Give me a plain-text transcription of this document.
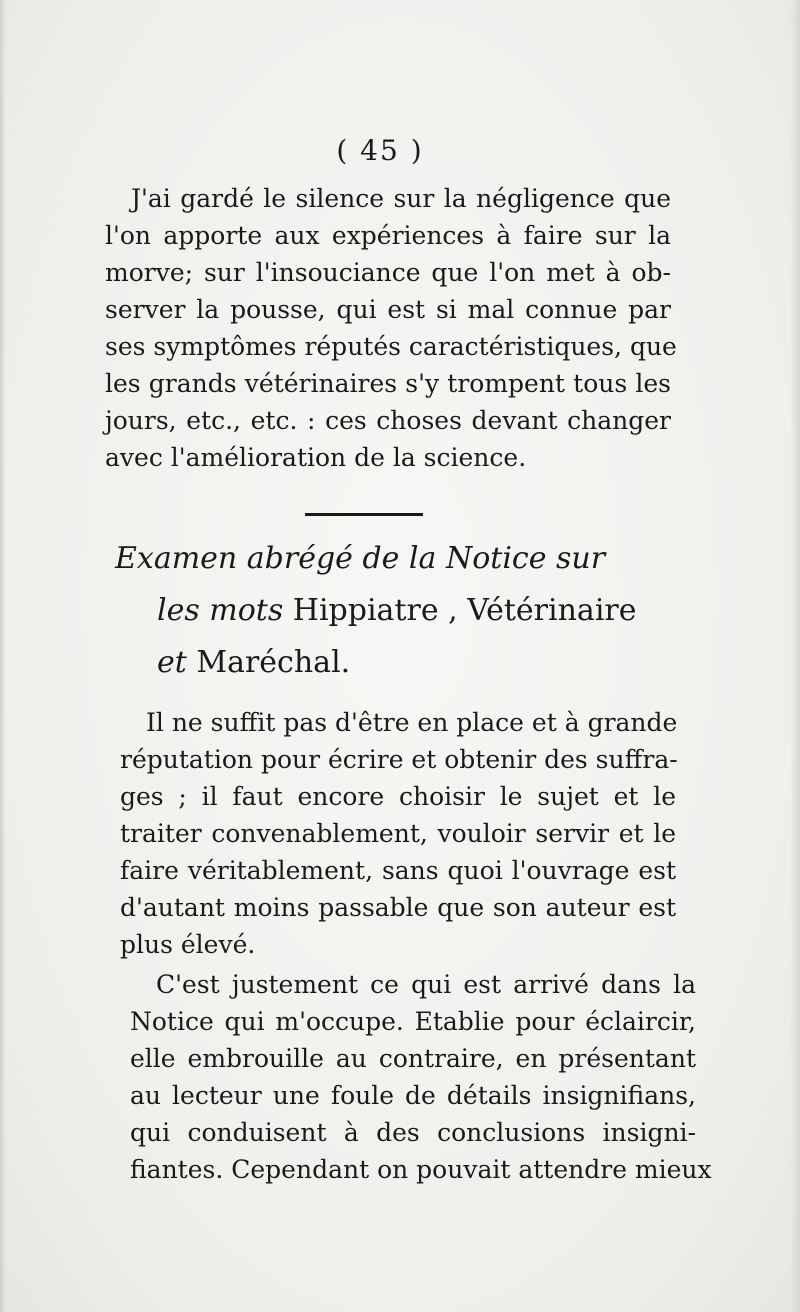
( 45 )
J'ai gardé le silence sur la négligence que
l'on apporte aux expériences à faire sur la
morve; sur l'insouciance que l'on met à ob-
server la pousse, qui est si mal connue par
ses symptômes réputés caractéristiques, que
les grands vétérinaires s'y trompent tous les
jours, etc., etc. : ces choses devant changer
avec l'amélioration de la science.
Examen abrégé de la Notice sur
les mots Hippiatre , Vétérinaire
et Maréchal.
Il ne suffit pas d'être en place et à grande
réputation pour écrire et obtenir des suffra-
ges ; il faut encore choisir le sujet et le
traiter convenablement, vouloir servir et le
faire véritablement, sans quoi l'ouvrage est
d'autant moins passable que son auteur est
plus élevé.
C'est justement ce qui est arrivé dans la
Notice qui m'occupe. Etablie pour éclaircir,
elle embrouille au contraire, en présentant
au lecteur une foule de détails insignifians,
qui conduisent à des conclusions insigni-
fiantes. Cependant on pouvait attendre mieux
